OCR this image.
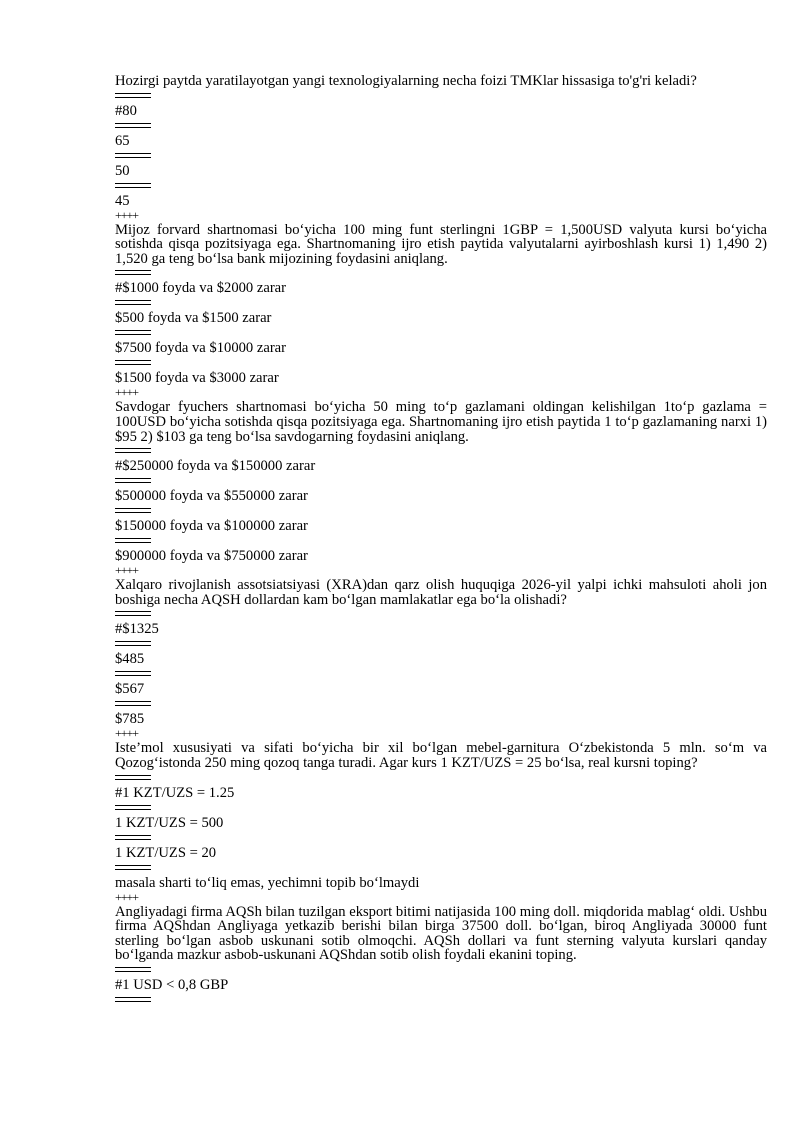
Hozirgi paytda yaratilayotgan yangi texnologiyalarning necha foizi TMKlar hissasiga to'g'ri keladi?

#80

65

50

45

++++

Mijoz forvard shartnomasi bo‘yicha 100 ming funt sterlingni 1GBP = 1,500USD valyuta kursi bo‘yicha sotishda qisqa pozitsiyaga ega. Shartnomaning ijro etish paytida valyutalarni ayirboshlash kursi 1) 1,490 2) 1,520 ga teng bo‘lsa bank mijozining foydasini aniqlang.

#$1000 foyda va $2000 zarar

$500 foyda va $1500 zarar

$7500 foyda va $10000 zarar

$1500 foyda va $3000 zarar

++++

Savdogar fyuchers shartnomasi bo‘yicha 50 ming to‘p gazlamani oldingan kelishilgan 1to‘p gazlama = 100USD bo‘yicha sotishda qisqa pozitsiyaga ega. Shartnomaning ijro etish paytida 1 to‘p gazlamaning narxi 1) $95 2) $103 ga teng bo‘lsa savdogarning foydasini aniqlang.

#$250000 foyda va $150000 zarar

$500000 foyda va $550000 zarar

$150000 foyda va $100000 zarar

$900000 foyda va $750000 zarar

++++

Xalqaro rivojlanish assotsiatsiyasi (XRA)dan qarz olish huquqiga 2026-yil yalpi ichki mahsuloti aholi jon boshiga necha AQSH dollardan kam bo‘lgan mamlakatlar ega bo‘la olishadi?

#$1325

$485

$567

$785

++++

Iste’mol xususiyati va sifati bo‘yicha bir xil bo‘lgan mebel-garnitura O‘zbekistonda 5 mln. so‘m va Qozog‘istonda 250 ming qozoq tanga turadi. Agar kurs 1 KZT/UZS = 25 bo‘lsa, real kursni toping?

#1 KZT/UZS = 1.25

1 KZT/UZS = 500

1 KZT/UZS = 20

masala sharti to‘liq emas, yechimni topib bo‘lmaydi

++++

Angliyadagi firma AQSh bilan tuzilgan eksport bitimi natijasida 100 ming doll. miqdorida mablag‘ oldi. Ushbu firma AQShdan Angliyaga yetkazib berishi bilan birga 37500 doll. bo‘lgan, biroq Angliyada 30000 funt sterling bo‘lgan asbob uskunani sotib olmoqchi. AQSh dollari va funt sterning valyuta kurslari qanday bo‘lganda mazkur asbob-uskunani AQShdan sotib olish foydali ekanini toping.

#1 USD < 0,8 GBP
